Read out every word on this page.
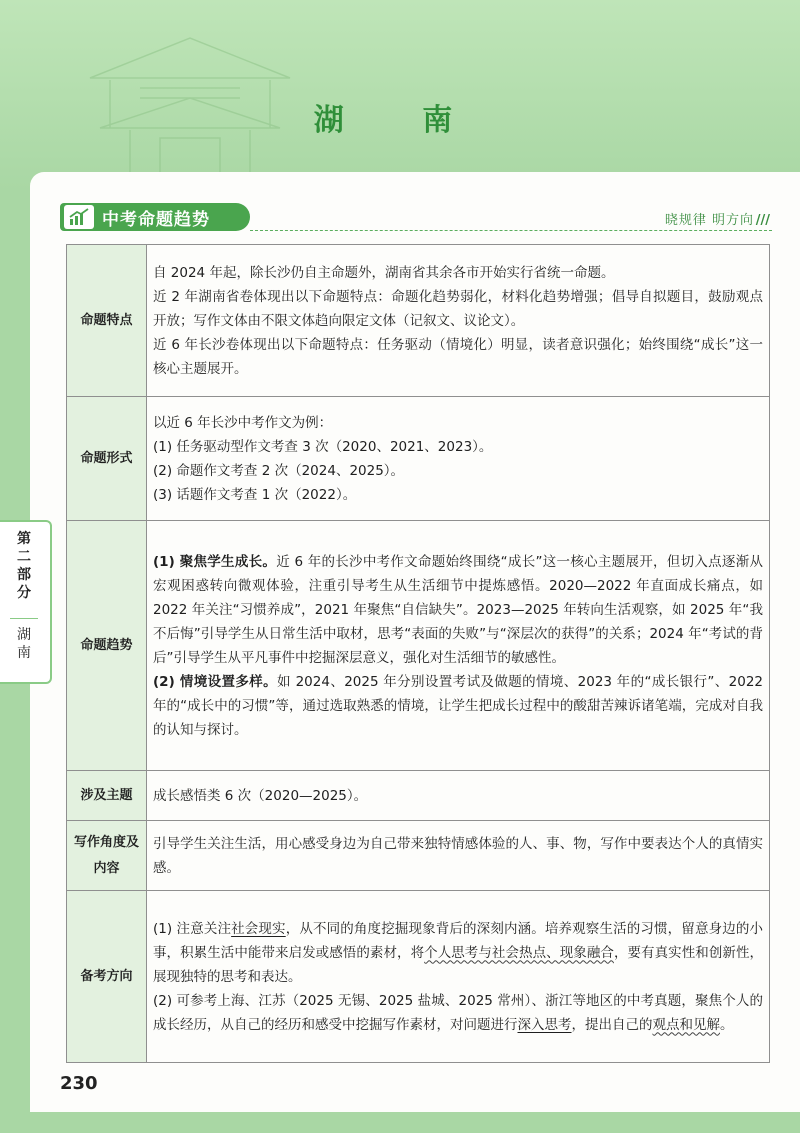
湖 南
中考命题趋势	晓规律 明方向 ///
命题特点	自 2024 年起，除长沙仍自主命题外，湖南省其余各市开始实行省统一命题。

近 2 年湖南省卷体现出以下命题特点：命题化趋势弱化，材料化趋势增强；倡导自拟题目，鼓励观点开放；写作文体由不限文体趋向限定文体（记叙文、议论文）。

近 6 年长沙卷体现出以下命题特点：任务驱动（情境化）明显，读者意识强化；始终围绕“成长”这一核心主题展开。

命题形式	以近 6 年长沙中考作文为例：

(1) 任务驱动型作文考查 3 次（2020、2021、2023）。

(2) 命题作文考查 2 次（2024、2025）。

(3) 话题作文考查 1 次（2022）。

命题趋势	(1) 聚焦学生成长。近 6 年的长沙中考作文命题始终围绕“成长”这一核心主题展开，但切入点逐渐从宏观困惑转向微观体验，注重引导考生从生活细节中提炼感悟。2020—2022 年直面成长痛点，如 2022 年关注“习惯养成”，2021 年聚焦“自信缺失”。2023—2025 年转向生活观察，如 2025 年“我不后悔”引导学生从日常生活中取材，思考“表面的失败”与“深层次的获得”的关系；2024 年“考试的背后”引导学生从平凡事件中挖掘深层意义，强化对生活细节的敏感性。

(2) 情境设置多样。如 2024、2025 年分别设置考试及做题的情境、2023 年的“成长银行”、2022 年的“成长中的习惯”等，通过选取熟悉的情境，让学生把成长过程中的酸甜苦辣诉诸笔端，完成对自我的认知与探讨。

涉及主题	成长感悟类 6 次（2020—2025）。
写作角度及内容	引导学生关注生活，用心感受身边为自己带来独特情感体验的人、事、物，写作中要表达个人的真情实感。
备考方向	(1) 注意关注社会现实，从不同的角度挖掘现象背后的深刻内涵。培养观察生活的习惯，留意身边的小事，积累生活中能带来启发或感悟的素材，将个人思考与社会热点、现象融合，要有真实性和创新性，展现独特的思考和表达。

(2) 可参考上海、江苏（2025 无锡、2025 盐城、2025 常州）、浙江等地区的中考真题，聚焦个人的成长经历，从自己的经历和感受中挖掘写作素材，对问题进行深入思考，提出自己的观点和见解。

第二部分
湖南
230
